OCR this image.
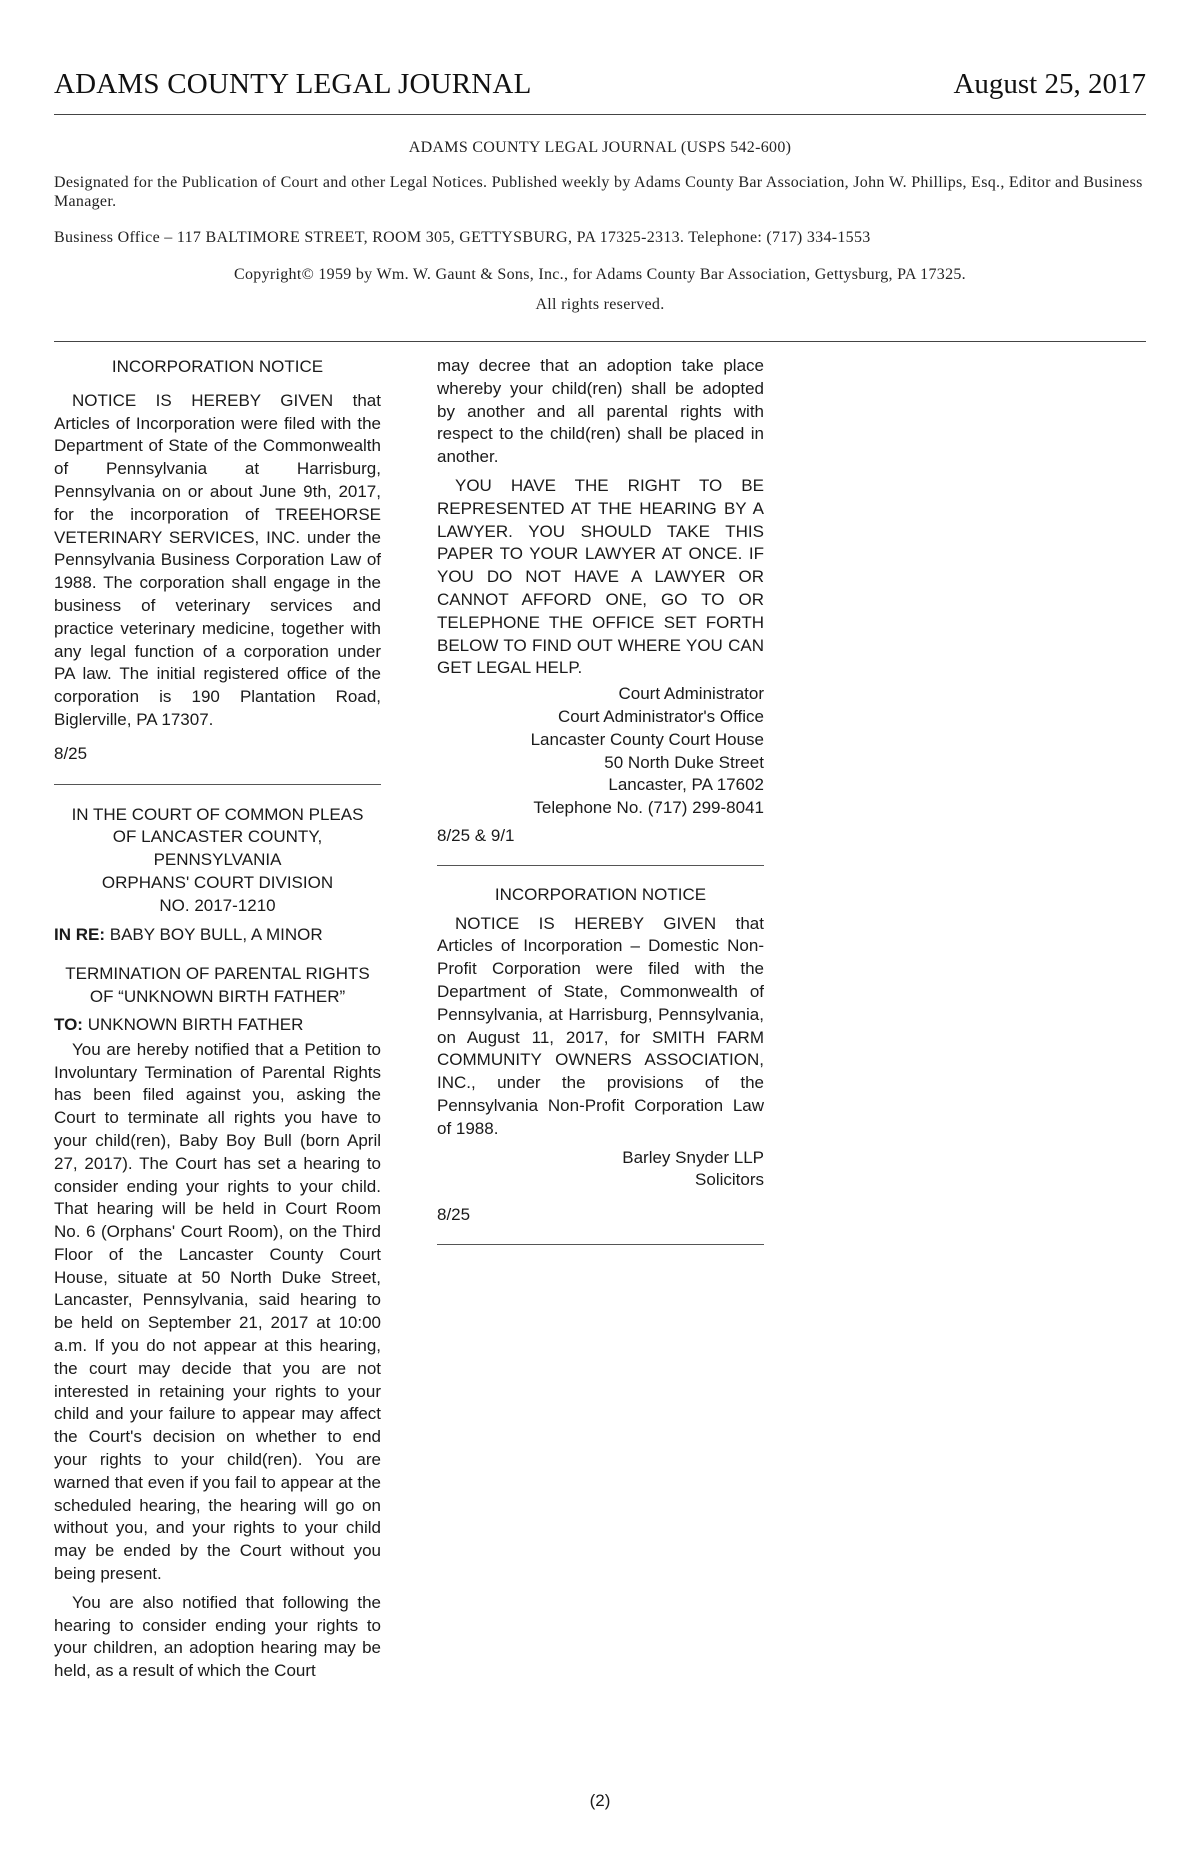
ADAMS COUNTY LEGAL JOURNAL	August 25, 2017

ADAMS COUNTY LEGAL JOURNAL (USPS 542-600)

Designated for the Publication of Court and other Legal Notices. Published weekly by Adams County Bar Association, John W. Phillips, Esq., Editor and Business Manager.

Business Office – 117 BALTIMORE STREET, ROOM 305, GETTYSBURG, PA 17325-2313. Telephone: (717) 334-1553

Copyright© 1959 by Wm. W. Gaunt & Sons, Inc., for Adams County Bar Association, Gettysburg, PA 17325.

All rights reserved.

INCORPORATION NOTICE

NOTICE IS HEREBY GIVEN that Articles of Incorporation were filed with the Department of State of the Commonwealth of Pennsylvania at Harrisburg, Pennsylvania on or about June 9th, 2017, for the incorporation of TREEHORSE VETERINARY SERVICES, INC. under the Pennsylvania Business Corporation Law of 1988. The corporation shall engage in the business of veterinary services and practice veterinary medicine, together with any legal function of a corporation under PA law. The initial registered office of the corporation is 190 Plantation Road, Biglerville, PA 17307.

8/25

IN THE COURT OF COMMON PLEAS

OF LANCASTER COUNTY,

PENNSYLVANIA

ORPHANS' COURT DIVISION

NO. 2017-1210

IN RE: BABY BOY BULL, A MINOR

TERMINATION OF PARENTAL RIGHTS

OF “UNKNOWN BIRTH FATHER”

TO: UNKNOWN BIRTH FATHER

You are hereby notified that a Petition to Involuntary Termination of Parental Rights has been filed against you, asking the Court to terminate all rights you have to your child(ren), Baby Boy Bull (born April 27, 2017). The Court has set a hearing to consider ending your rights to your child. That hearing will be held in Court Room No. 6 (Orphans' Court Room), on the Third Floor of the Lancaster County Court House, situate at 50 North Duke Street, Lancaster, Pennsylvania, said hearing to be held on September 21, 2017 at 10:00 a.m. If you do not appear at this hearing, the court may decide that you are not interested in retaining your rights to your child and your failure to appear may affect the Court's decision on whether to end your rights to your child(ren). You are warned that even if you fail to appear at the scheduled hearing, the hearing will go on without you, and your rights to your child may be ended by the Court without you being present.

You are also notified that following the hearing to consider ending your rights to your children, an adoption hearing may be held, as a result of which the Court

may decree that an adoption take place whereby your child(ren) shall be adopted by another and all parental rights with respect to the child(ren) shall be placed in another.

YOU HAVE THE RIGHT TO BE REPRESENTED AT THE HEARING BY A LAWYER. YOU SHOULD TAKE THIS PAPER TO YOUR LAWYER AT ONCE. IF YOU DO NOT HAVE A LAWYER OR CANNOT AFFORD ONE, GO TO OR TELEPHONE THE OFFICE SET FORTH BELOW TO FIND OUT WHERE YOU CAN GET LEGAL HELP.

Court Administrator

Court Administrator's Office

Lancaster County Court House

50 North Duke Street

Lancaster, PA 17602

Telephone No. (717) 299-8041

8/25 & 9/1

INCORPORATION NOTICE

NOTICE IS HEREBY GIVEN that Articles of Incorporation – Domestic Non-Profit Corporation were filed with the Department of State, Commonwealth of Pennsylvania, at Harrisburg, Pennsylvania, on August 11, 2017, for SMITH FARM COMMUNITY OWNERS ASSOCIATION, INC., under the provisions of the Pennsylvania Non-Profit Corporation Law of 1988.

Barley Snyder LLP

Solicitors

8/25

(2)
